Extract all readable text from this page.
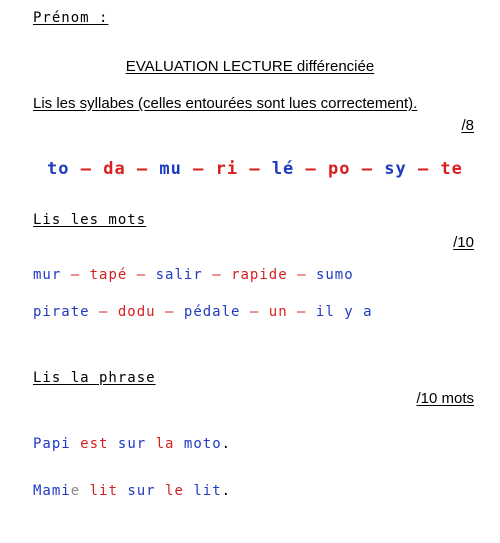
Prénom :
EVALUATION LECTURE différenciée
Lis les syllabes (celles entourées sont lues correctement).
/8
to – da – mu – ri – lé – po – sy – te
Lis les mots
/10
mur – tapé – salir – rapide – sumo
pirate – dodu – pédale – un – il y a
Lis la phrase
/10 mots
Papi est sur la moto.
Mamie lit sur le lit.
